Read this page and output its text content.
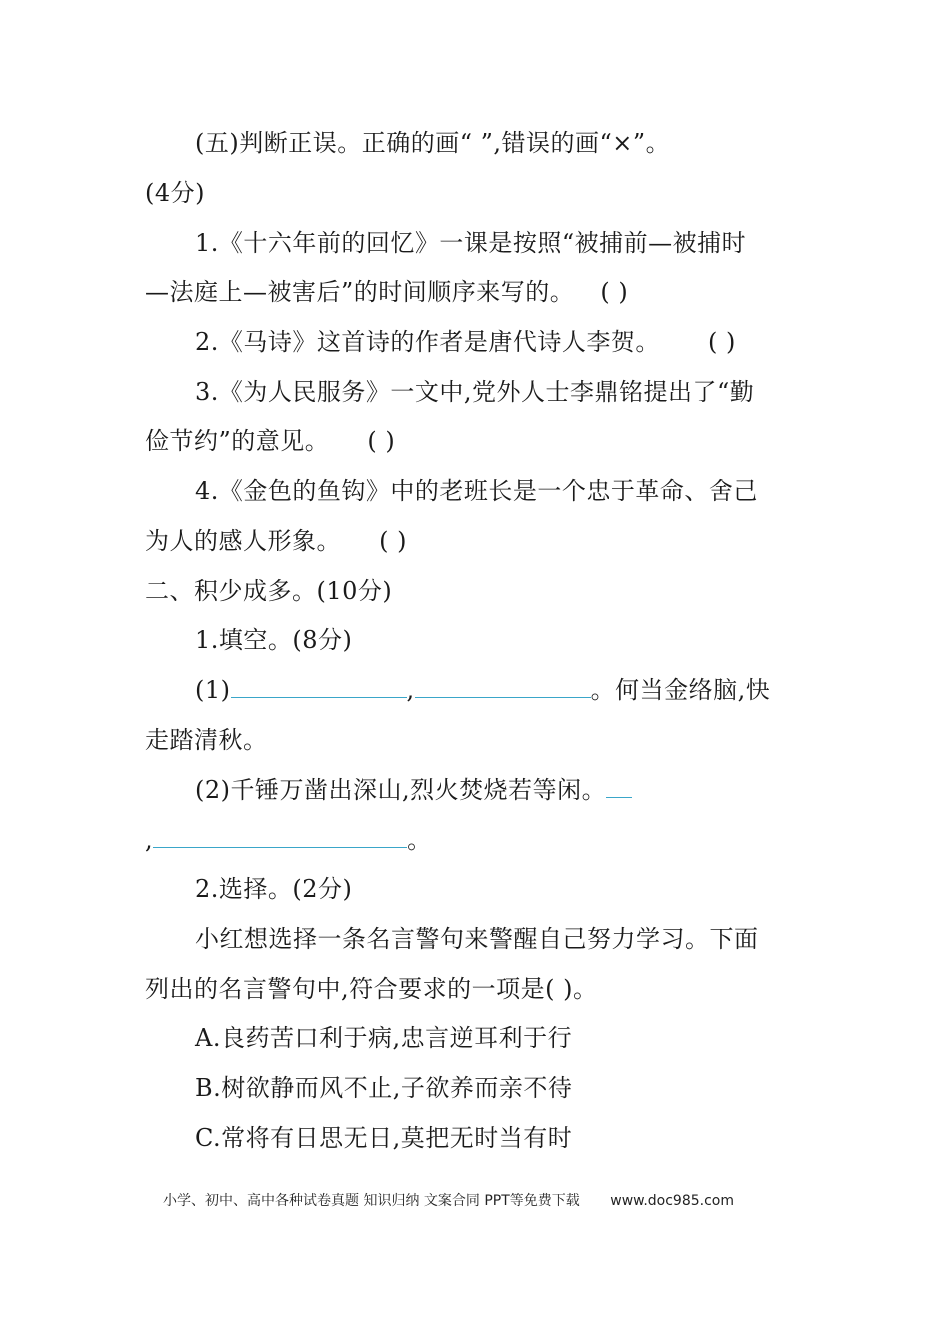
(五)判断正误。正确的画“ ”,错误的画“×”。
(4分)
1.《十六年前的回忆》一课是按照“被捕前—被捕时
—法庭上—被害后”的时间顺序来写的。 ( )
2.《马诗》这首诗的作者是唐代诗人李贺。 ( )
3.《为人民服务》一文中,党外人士李鼎铭提出了“勤
俭节约”的意见。 ( )
4.《金色的鱼钩》中的老班长是一个忠于革命、舍己
为人的感人形象。 ( )
二、积少成多。(10分)
1.填空。(8分)
(1)	,	。何当金络脑,快
走踏清秋。
(2)千锤万凿出深山,烈火焚烧若等闲。
,	。
2.选择。(2分)
小红想选择一条名言警句来警醒自己努力学习。下面
列出的名言警句中,符合要求的一项是( )。
A.良药苦口利于病,忠言逆耳利于行
B.树欲静而风不止,子欲养而亲不待
C.常将有日思无日,莫把无时当有时
小学、初中、高中各种试卷真题 知识归纳 文案合同 PPT等免费下载 www.doc985.com
